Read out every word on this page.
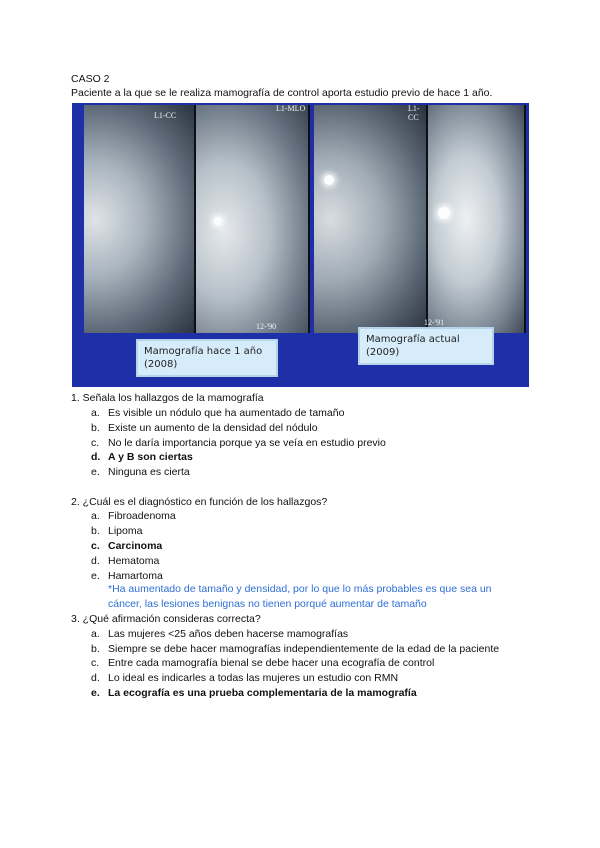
CASO 2
Paciente a la que se le realiza mamografía de control aporta estudio previo de hace 1 año.
L1-CC
L1-MLO
12-'90
L1-CC
12-'91
Mamografía hace 1 año
(2008)
Mamografía actual
(2009)
1. Señala los hallazgos de la mamografía
a. Es visible un nódulo que ha aumentado de tamaño
b. Existe un aumento de la densidad del nódulo
c. No le daría importancia porque ya se veía en estudio previo
d. A y B son ciertas
e. Ninguna es cierta
2. ¿Cuál es el diagnóstico en función de los hallazgos?
a. Fibroadenoma
b. Lipoma
c. Carcinoma
d. Hematoma
e. Hamartoma
*Ha aumentado de tamaño y densidad, por lo que lo más probables es que sea un
cáncer, las lesiones benignas no tienen porqué aumentar de tamaño
3. ¿Qué afirmación consideras correcta?
a. Las mujeres <25 años deben hacerse mamografías
b. Siempre se debe hacer mamografías independientemente de la edad de la paciente
c. Entre cada mamografía bienal se debe hacer una ecografía de control
d. Lo ideal es indicarles a todas las mujeres un estudio con RMN
e. La ecografía es una prueba complementaria de la mamografía
